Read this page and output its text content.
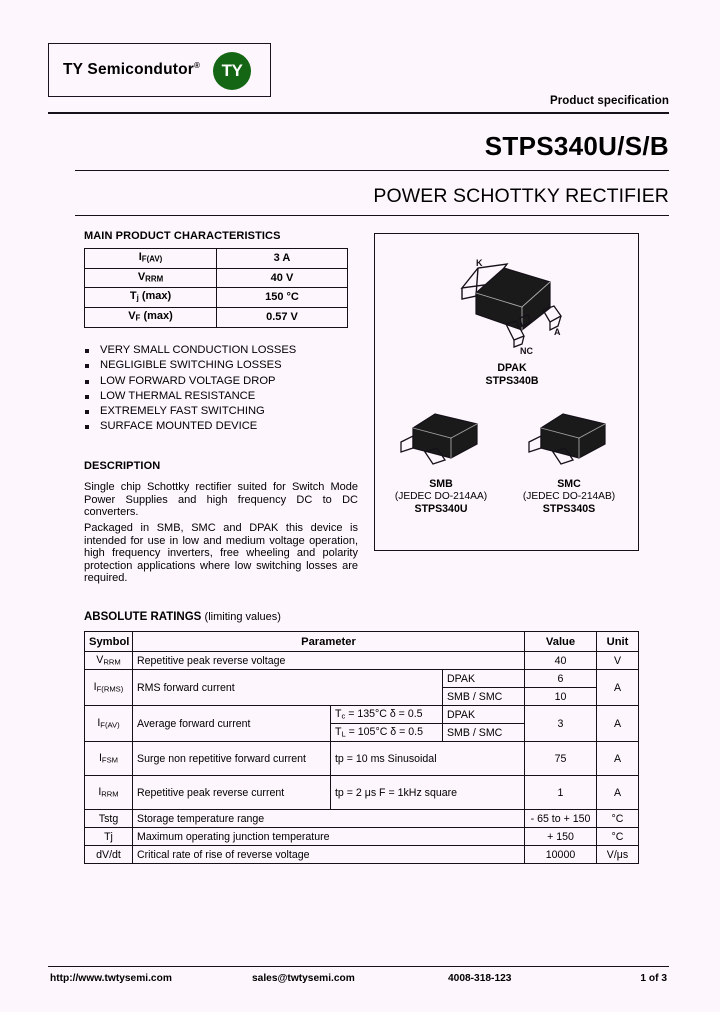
TY Semicondutor® TY
Product specification
STPS340U/S/B
POWER SCHOTTKY RECTIFIER
MAIN PRODUCT CHARACTERISTICS
$I_{F(AV)}$	3 A
$V_{RRM}$	40 V
$T_j$ (max)	150 °C
$V_F$ (max)	0.57 V
VERY SMALL CONDUCTION LOSSES
NEGLIGIBLE SWITCHING LOSSES
LOW FORWARD VOLTAGE DROP
LOW THERMAL RESISTANCE
EXTREMELY FAST SWITCHING
SURFACE MOUNTED DEVICE
DESCRIPTION
Single chip Schottky rectifier suited for Switch Mode Power Supplies and high frequency DC to DC converters.
Packaged in SMB, SMC and DPAK this device is intended for use in low and medium voltage operation, high frequency inverters, free wheeling and polarity protection applications where low switching losses are required.
K
A
NC
DPAK
STPS340B
SMB
(JEDEC DO-214AA)
STPS340U
SMC
(JEDEC DO-214AB)
STPS340S
ABSOLUTE RATINGS (limiting values)
Symbol	Parameter			Value	Unit
$V_{RRM}$	Repetitive peak reverse voltage			40	V
$I_{F(RMS)}$	RMS forward current		DPAK	6	A
			SMB / SMC	10	
$I_{F(AV)}$	Average forward current	$T_c = 135^\circ C$ δ = 0.5	DPAK	3	A
		$T_L = 105^\circ C$ δ = 0.5	SMB / SMC		
$I_{FSM}$	Surge non repetitive forward current	tp = 10 ms Sinusoidal		75	A
$I_{RRM}$	Repetitive peak reverse current	tp = 2 μs F = 1kHz square		1	A
Tstg	Storage temperature range			- 65 to + 150	°C
Tj	Maximum operating junction temperature			+ 150	°C
dV/dt	Critical rate of rise of reverse voltage			10000	V/μs
http://www.twtysemi.com	sales@twtysemi.com	4008-318-123	1 of 3
